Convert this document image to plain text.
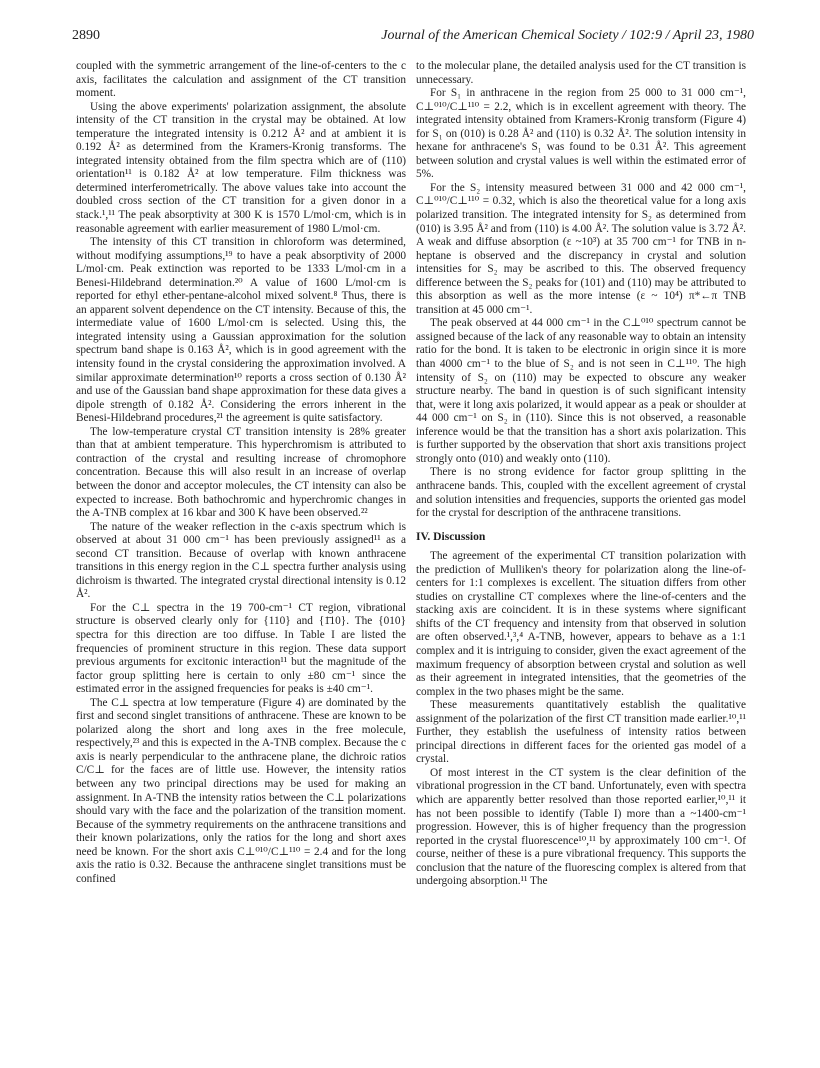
2890	Journal of the American Chemical Society / 102:9 / April 23, 1980

coupled with the symmetric arrangement of the line-of-centers to the c axis, facilitates the calculation and assignment of the CT transition moment.

Using the above experiments' polarization assignment, the absolute intensity of the CT transition in the crystal may be obtained. At low temperature the integrated intensity is 0.212 Å² and at ambient it is 0.192 Å² as determined from the Kramers-Kronig transforms. The integrated intensity obtained from the film spectra which are of (110) orientation¹¹ is 0.182 Å² at low temperature. Film thickness was determined interferometrically. The above values take into account the doubled cross section of the CT transition for a given donor in a stack.¹,¹¹ The peak absorptivity at 300 K is 1570 L/mol·cm, which is in reasonable agreement with earlier measurement of 1980 L/mol·cm.

The intensity of this CT transition in chloroform was determined, without modifying assumptions,¹⁹ to have a peak absorptivity of 2000 L/mol·cm. Peak extinction was reported to be 1333 L/mol·cm in a Benesi-Hildebrand determination.²⁰ A value of 1600 L/mol·cm is reported for ethyl ether-pentane-alcohol mixed solvent.⁸ Thus, there is an apparent solvent dependence on the CT intensity. Because of this, the intermediate value of 1600 L/mol·cm is selected. Using this, the integrated intensity using a Gaussian approximation for the solution spectrum band shape is 0.163 Å², which is in good agreement with the intensity found in the crystal considering the approximation involved. A similar approximate determination¹⁰ reports a cross section of 0.130 Å² and use of the Gaussian band shape approximation for these data gives a dipole strength of 0.182 Å². Considering the errors inherent in the Benesi-Hildebrand procedures,²¹ the agreement is quite satisfactory.

The low-temperature crystal CT transition intensity is 28% greater than that at ambient temperature. This hyperchromism is attributed to contraction of the crystal and resulting increase of chromophore concentration. Because this will also result in an increase of overlap between the donor and acceptor molecules, the CT intensity can also be expected to increase. Both bathochromic and hyperchromic changes in the A-TNB complex at 16 kbar and 300 K have been observed.²²

The nature of the weaker reflection in the c-axis spectrum which is observed at about 31 000 cm⁻¹ has been previously assigned¹¹ as a second CT transition. Because of overlap with known anthracene transitions in this energy region in the C⊥ spectra further analysis using dichroism is thwarted. The integrated crystal directional intensity is 0.12 Å².

For the C⊥ spectra in the 19 700-cm⁻¹ CT region, vibrational structure is observed clearly only for {110} and {1̄10}. The {010} spectra for this direction are too diffuse. In Table I are listed the frequencies of prominent structure in this region. These data support previous arguments for excitonic interaction¹¹ but the magnitude of the factor group splitting here is certain to only ±80 cm⁻¹ since the estimated error in the assigned frequencies for peaks is ±40 cm⁻¹.

The C⊥ spectra at low temperature (Figure 4) are dominated by the first and second singlet transitions of anthracene. These are known to be polarized along the short and long axes in the free molecule, respectively,²³ and this is expected in the A-TNB complex. Because the c axis is nearly perpendicular to the anthracene plane, the dichroic ratios C/C⊥ for the faces are of little use. However, the intensity ratios between any two principal directions may be used for making an assignment. In A-TNB the intensity ratios between the C⊥ polarizations should vary with the face and the polarization of the transition moment. Because of the symmetry requirements on the anthracene transitions and their known polarizations, only the ratios for the long and short axes need be known. For the short axis C⊥⁰¹⁰/C⊥¹¹⁰ = 2.4 and for the long axis the ratio is 0.32. Because the anthracene singlet transitions must be confined

to the molecular plane, the detailed analysis used for the CT transition is unnecessary.

For S₁ in anthracene in the region from 25 000 to 31 000 cm⁻¹, C⊥⁰¹⁰/C⊥¹¹⁰ = 2.2, which is in excellent agreement with theory. The integrated intensity obtained from Kramers-Kronig transform (Figure 4) for S₁ on (010) is 0.28 Å² and (110) is 0.32 Å². The solution intensity in hexane for anthracene's S₁ was found to be 0.31 Å². This agreement between solution and crystal values is well within the estimated error of 5%.

For the S₂ intensity measured between 31 000 and 42 000 cm⁻¹, C⊥⁰¹⁰/C⊥¹¹⁰ = 0.32, which is also the theoretical value for a long axis polarized transition. The integrated intensity for S₂ as determined from (010) is 3.95 Å² and from (110) is 4.00 Å². The solution value is 3.72 Å². A weak and diffuse absorption (ε ~10³) at 35 700 cm⁻¹ for TNB in n-heptane is observed and the discrepancy in crystal and solution intensities for S₂ may be ascribed to this. The observed frequency difference between the S₂ peaks for (101) and (110) may be attributed to this absorption as well as the more intense (ε ~ 10⁴) π*←π TNB transition at 45 000 cm⁻¹.

The peak observed at 44 000 cm⁻¹ in the C⊥⁰¹⁰ spectrum cannot be assigned because of the lack of any reasonable way to obtain an intensity ratio for the bond. It is taken to be electronic in origin since it is more than 4000 cm⁻¹ to the blue of S₂ and is not seen in C⊥¹¹⁰. The high intensity of S₂ on (110) may be expected to obscure any weaker structure nearby. The band in question is of such significant intensity that, were it long axis polarized, it would appear as a peak or shoulder at 44 000 cm⁻¹ on S₂ in (110). Since this is not observed, a reasonable inference would be that the transition has a short axis polarization. This is further supported by the observation that short axis transitions project strongly onto (010) and weakly onto (110).

There is no strong evidence for factor group splitting in the anthracene bands. This, coupled with the excellent agreement of crystal and solution intensities and frequencies, supports the oriented gas model for the crystal for description of the anthracene transitions.

IV. Discussion

The agreement of the experimental CT transition polarization with the prediction of Mulliken's theory for polarization along the line-of-centers for 1:1 complexes is excellent. The situation differs from other studies on crystalline CT complexes where the line-of-centers and the stacking axis are coincident. It is in these systems where significant shifts of the CT frequency and intensity from that observed in solution are often observed.¹,³,⁴ A-TNB, however, appears to behave as a 1:1 complex and it is intriguing to consider, given the exact agreement of the maximum frequency of absorption between crystal and solution as well as their agreement in integrated intensities, that the geometries of the complex in the two phases might be the same.

These measurements quantitatively establish the qualitative assignment of the polarization of the first CT transition made earlier.¹⁰,¹¹ Further, they establish the usefulness of intensity ratios between principal directions in different faces for the oriented gas model of a crystal.

Of most interest in the CT system is the clear definition of the vibrational progression in the CT band. Unfortunately, even with spectra which are apparently better resolved than those reported earlier,¹⁰,¹¹ it has not been possible to identify (Table I) more than a ~1400-cm⁻¹ progression. However, this is of higher frequency than the progression reported in the crystal fluorescence¹⁰,¹¹ by approximately 100 cm⁻¹. Of course, neither of these is a pure vibrational frequency. This supports the conclusion that the nature of the fluorescing complex is altered from that undergoing absorption.¹¹ The
